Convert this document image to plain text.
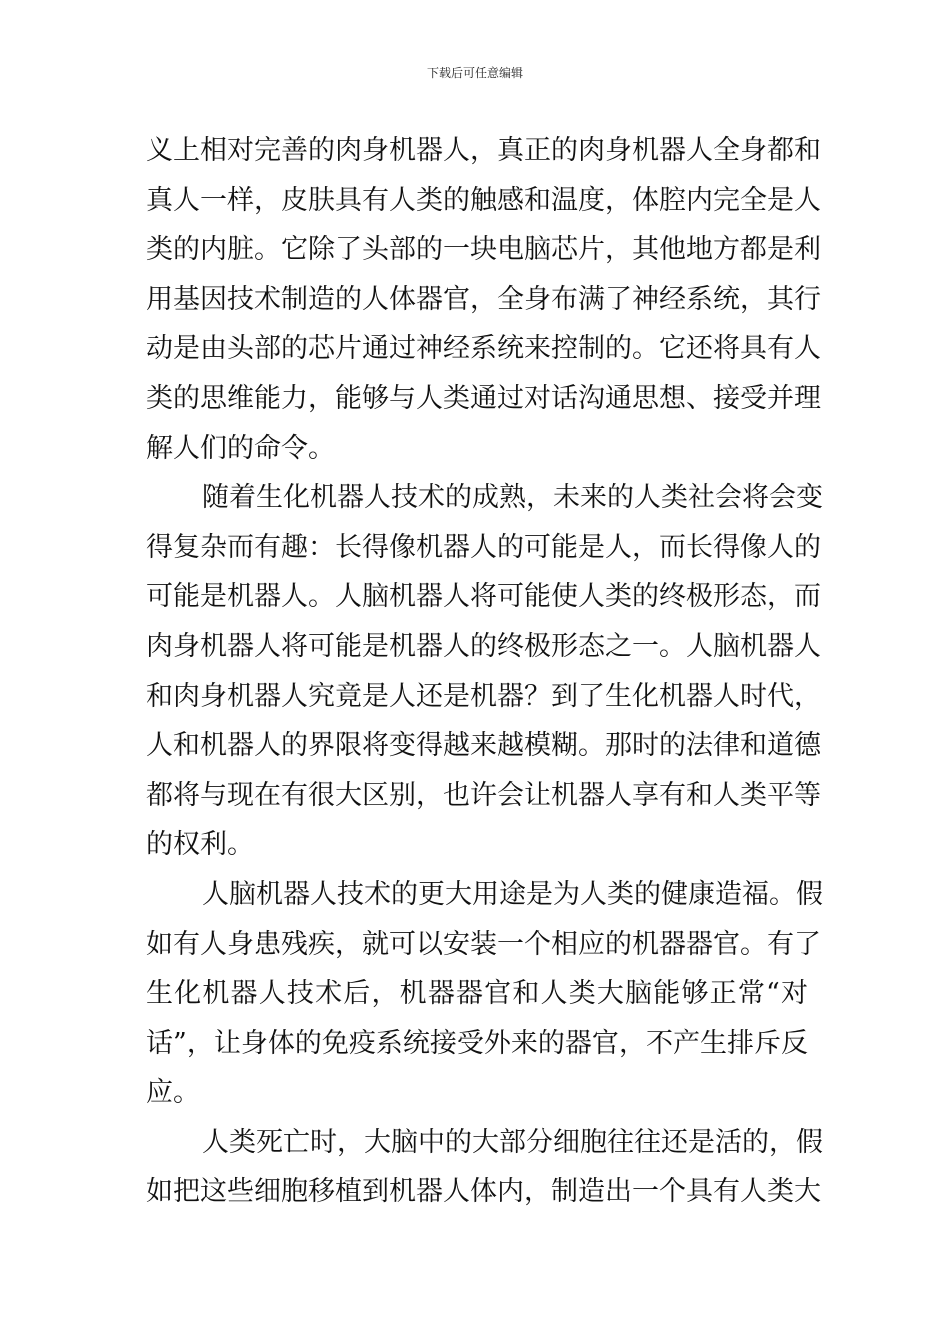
下载后可任意编辑
义上相对完善的肉身机器人，真正的肉身机器人全身都和
真人一样，皮肤具有人类的触感和温度，体腔内完全是人
类的内脏。它除了头部的一块电脑芯片，其他地方都是利
用基因技术制造的人体器官，全身布满了神经系统，其行
动是由头部的芯片通过神经系统来控制的。它还将具有人
类的思维能力，能够与人类通过对话沟通思想、接受并理
解人们的命令。
随着生化机器人技术的成熟，未来的人类社会将会变
得复杂而有趣：长得像机器人的可能是人，而长得像人的
可能是机器人。人脑机器人将可能使人类的终极形态，而
肉身机器人将可能是机器人的终极形态之一。人脑机器人
和肉身机器人究竟是人还是机器？到了生化机器人时代，
人和机器人的界限将变得越来越模糊。那时的法律和道德
都将与现在有很大区别，也许会让机器人享有和人类平等
的权利。
人脑机器人技术的更大用途是为人类的健康造福。假
如有人身患残疾，就可以安装一个相应的机器器官。有了
生化机器人技术后，机器器官和人类大脑能够正常“对
话”，让身体的免疫系统接受外来的器官，不产生排斥反
应。
人类死亡时，大脑中的大部分细胞往往还是活的，假
如把这些细胞移植到机器人体内，制造出一个具有人类大
